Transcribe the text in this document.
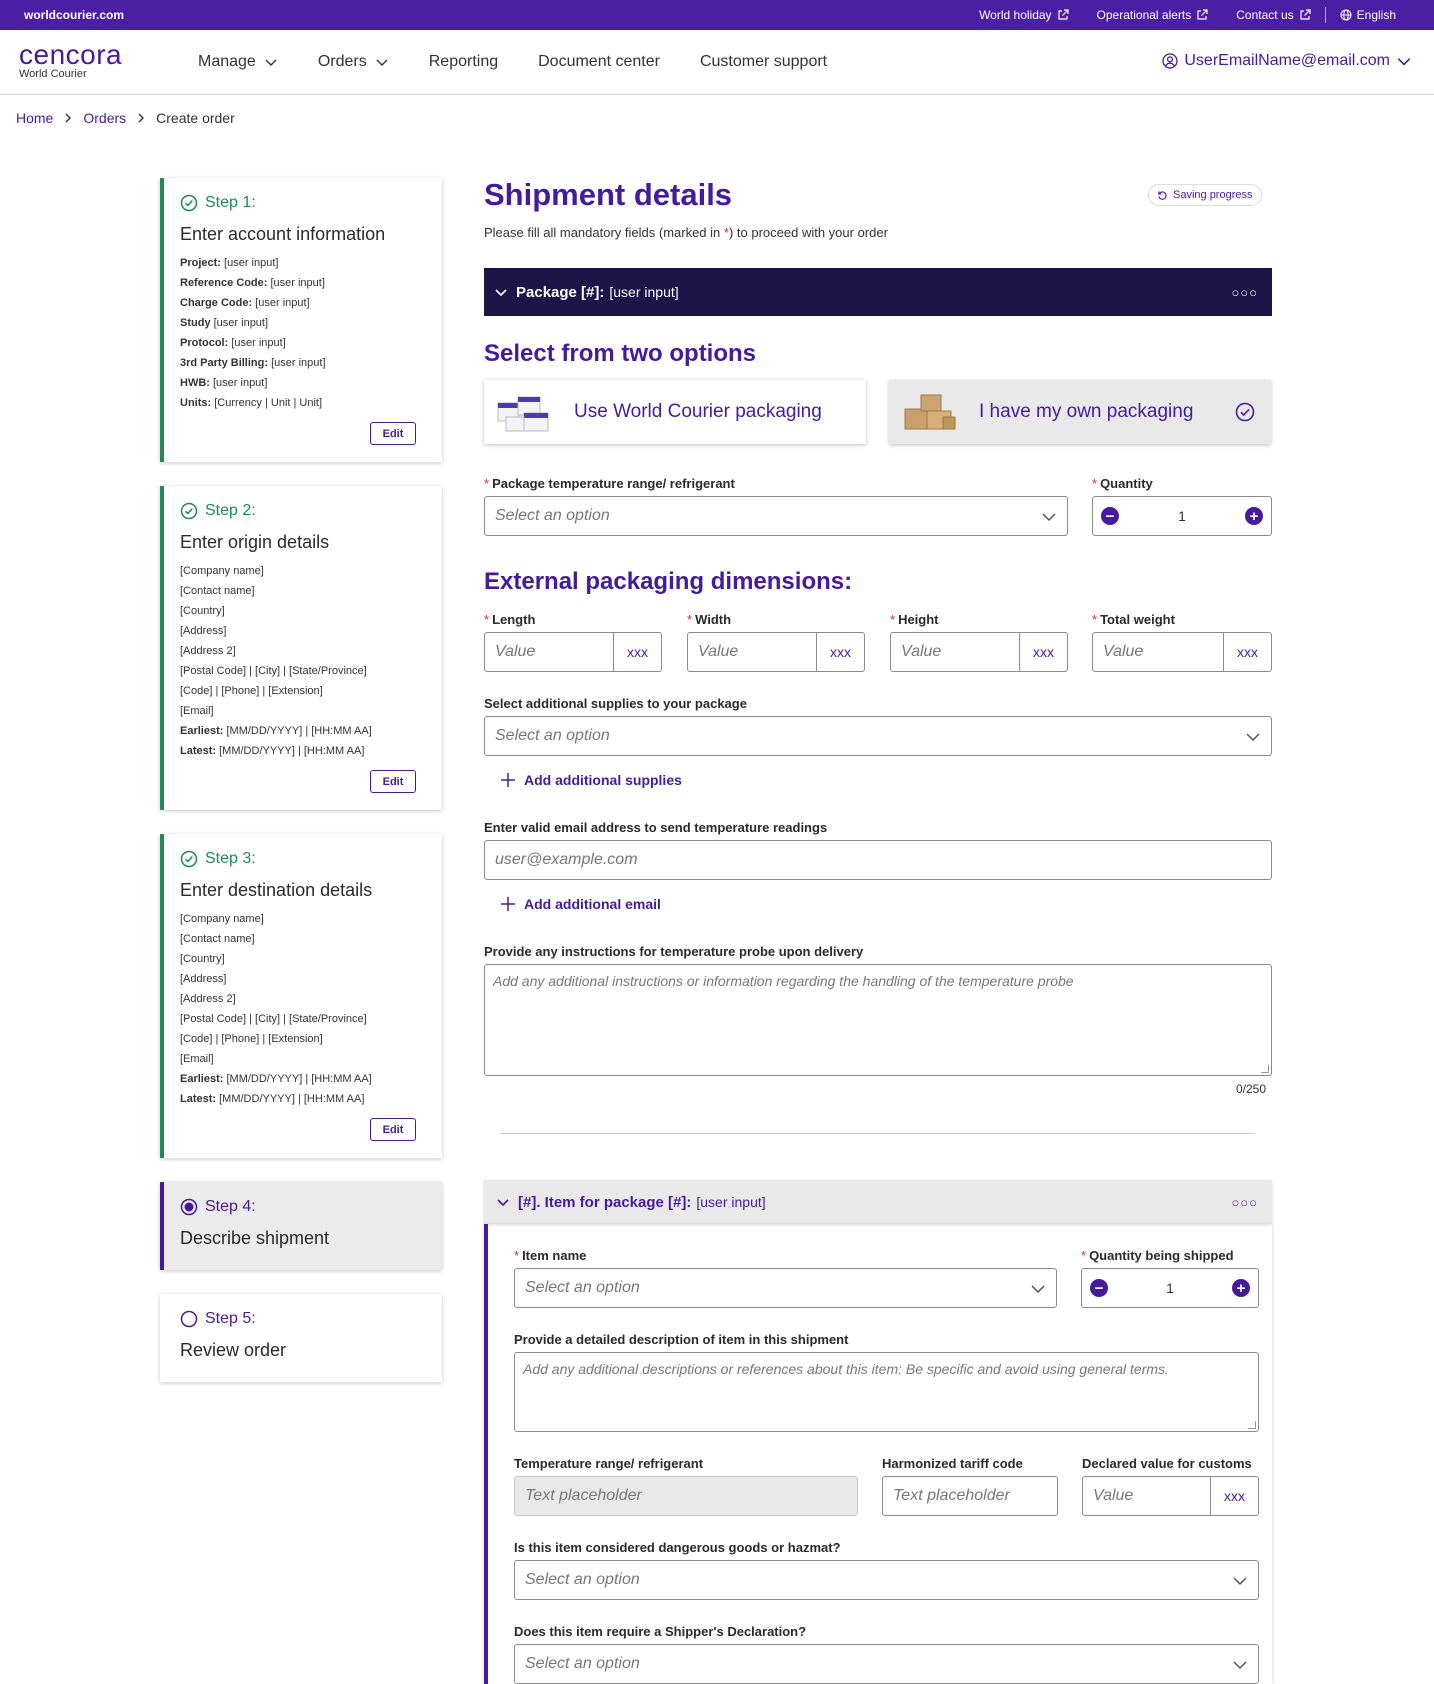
worldcourier.com	World holiday	Operational alerts	Contact us	English
cencora
World Courier
Manage	Orders	Reporting	Document center	Customer support	UserEmailName@email.com
Home Orders Create order
Step 1:
Enter account information
Project: [user input]
Reference Code: [user input]
Charge Code: [user input]
Study [user input]
Protocol: [user input]
3rd Party Billing: [user input]
HWB: [user input]
Units: [Currency | Unit | Unit]
Edit
Step 2:
Enter origin details
[Company name]
[Contact name]
[Country]
[Address]
[Address 2]
[Postal Code] | [City] | [State/Province]
[Code] | [Phone] | [Extension]
[Email]
Earliest: [MM/DD/YYYY] | [HH:MM AA]
Latest: [MM/DD/YYYY] | [HH:MM AA]
Edit
Step 3:
Enter destination details
[Company name]
[Contact name]
[Country]
[Address]
[Address 2]
[Postal Code] | [City] | [State/Province]
[Code] | [Phone] | [Extension]
[Email]
Earliest: [MM/DD/YYYY] | [HH:MM AA]
Latest: [MM/DD/YYYY] | [HH:MM AA]
Edit
Step 4:
Describe shipment
Step 5:
Review order
Shipment details	Saving progress
Please fill all mandatory fields (marked in *) to proceed with your order
Package [#]: [user input]	○○○
Select from two options
Use World Courier packaging	I have my own packaging
* Package temperature range/ refrigerant
Select an option
* Quantity
−	1	+
External packaging dimensions:
* Length
Value	xxx
* Width
Value	xxx
* Height
Value	xxx
* Total weight
Value	xxx
Select additional supplies to your package
Select an option
Add additional supplies
Enter valid email address to send temperature readings
user@example.com
Add additional email
Provide any instructions for temperature probe upon delivery
Add any additional instructions or information regarding the handling of the temperature probe
0/250
[#]. Item for package [#]: [user input]	○○○
* Item name
Select an option
* Quantity being shipped
−	1	+
Provide a detailed description of item in this shipment
Add any additional descriptions or references about this item: Be specific and avoid using general terms.
Temperature range/ refrigerant
Text placeholder
Harmonized tariff code
Text placeholder
Declared value for customs
Value	xxx
Is this item considered dangerous goods or hazmat?
Select an option
Does this item require a Shipper's Declaration?
Select an option
